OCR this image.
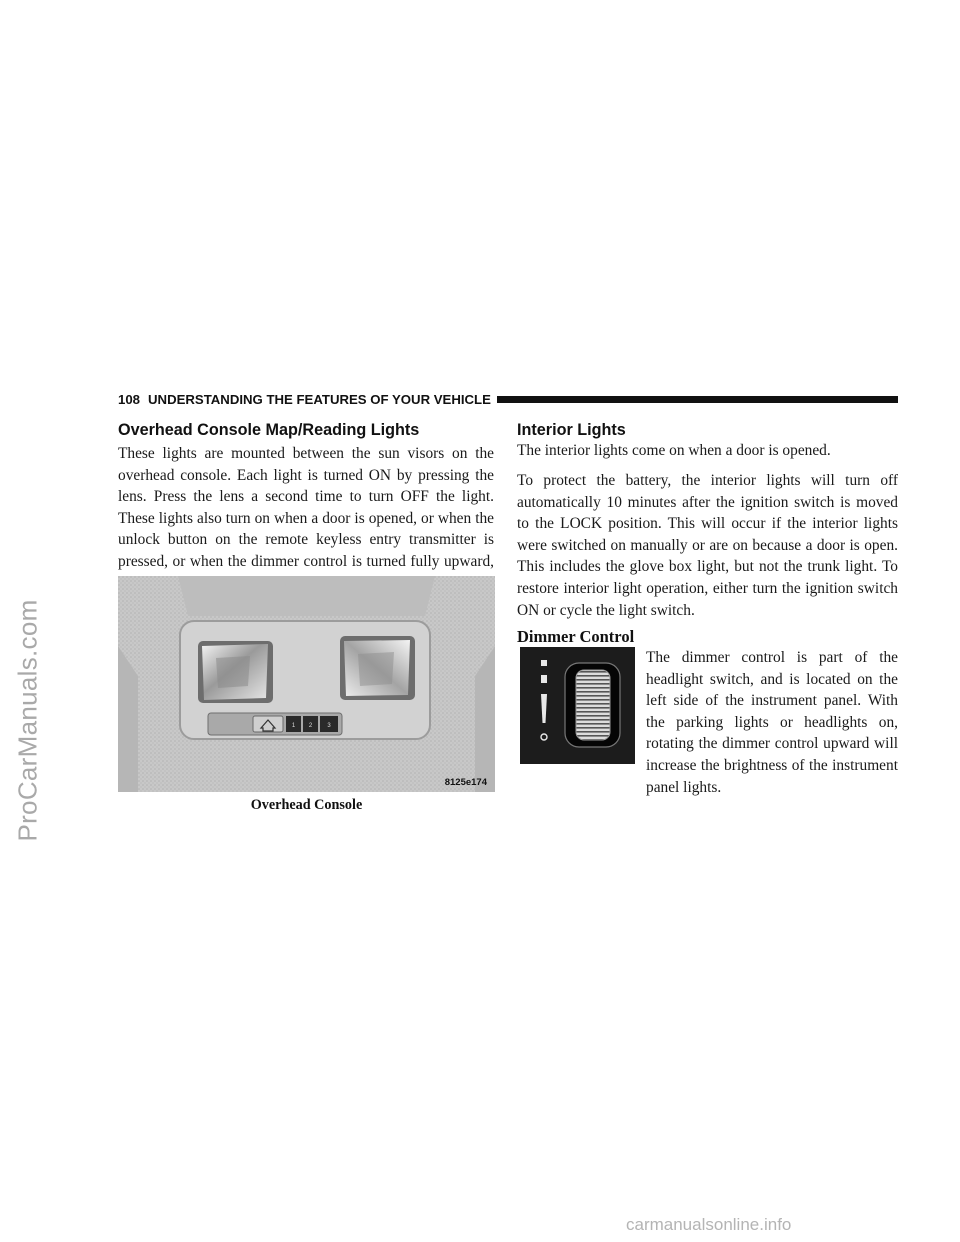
ProCarManuals.com
108 UNDERSTANDING THE FEATURES OF YOUR VEHICLE
Overhead Console Map/Reading Lights

These lights are mounted between the sun visors on the overhead console. Each light is turned ON by pressing the lens. Press the lens a second time to turn OFF the light. These lights also turn on when a door is opened, or when the unlock button on the remote keyless entry transmitter is pressed, or when the dimmer control is turned fully upward,

1 2	3
8125e174
Overhead Console
Interior Lights

The interior lights come on when a door is opened.

To protect the battery, the interior lights will turn off automatically 10 minutes after the ignition switch is moved to the LOCK position. This will occur if the interior lights were switched on manually or are on because a door is open. This includes the glove box light, but not the trunk light. To restore interior light operation, either turn the ignition switch ON or cycle the light switch.

Dimmer Control

The dimmer control is part of the headlight switch, and is located on the left side of the instrument panel. With the parking lights or headlights on, rotating the dimmer control upward will increase the brightness of the instrument panel lights.

carmanualsonline.info
